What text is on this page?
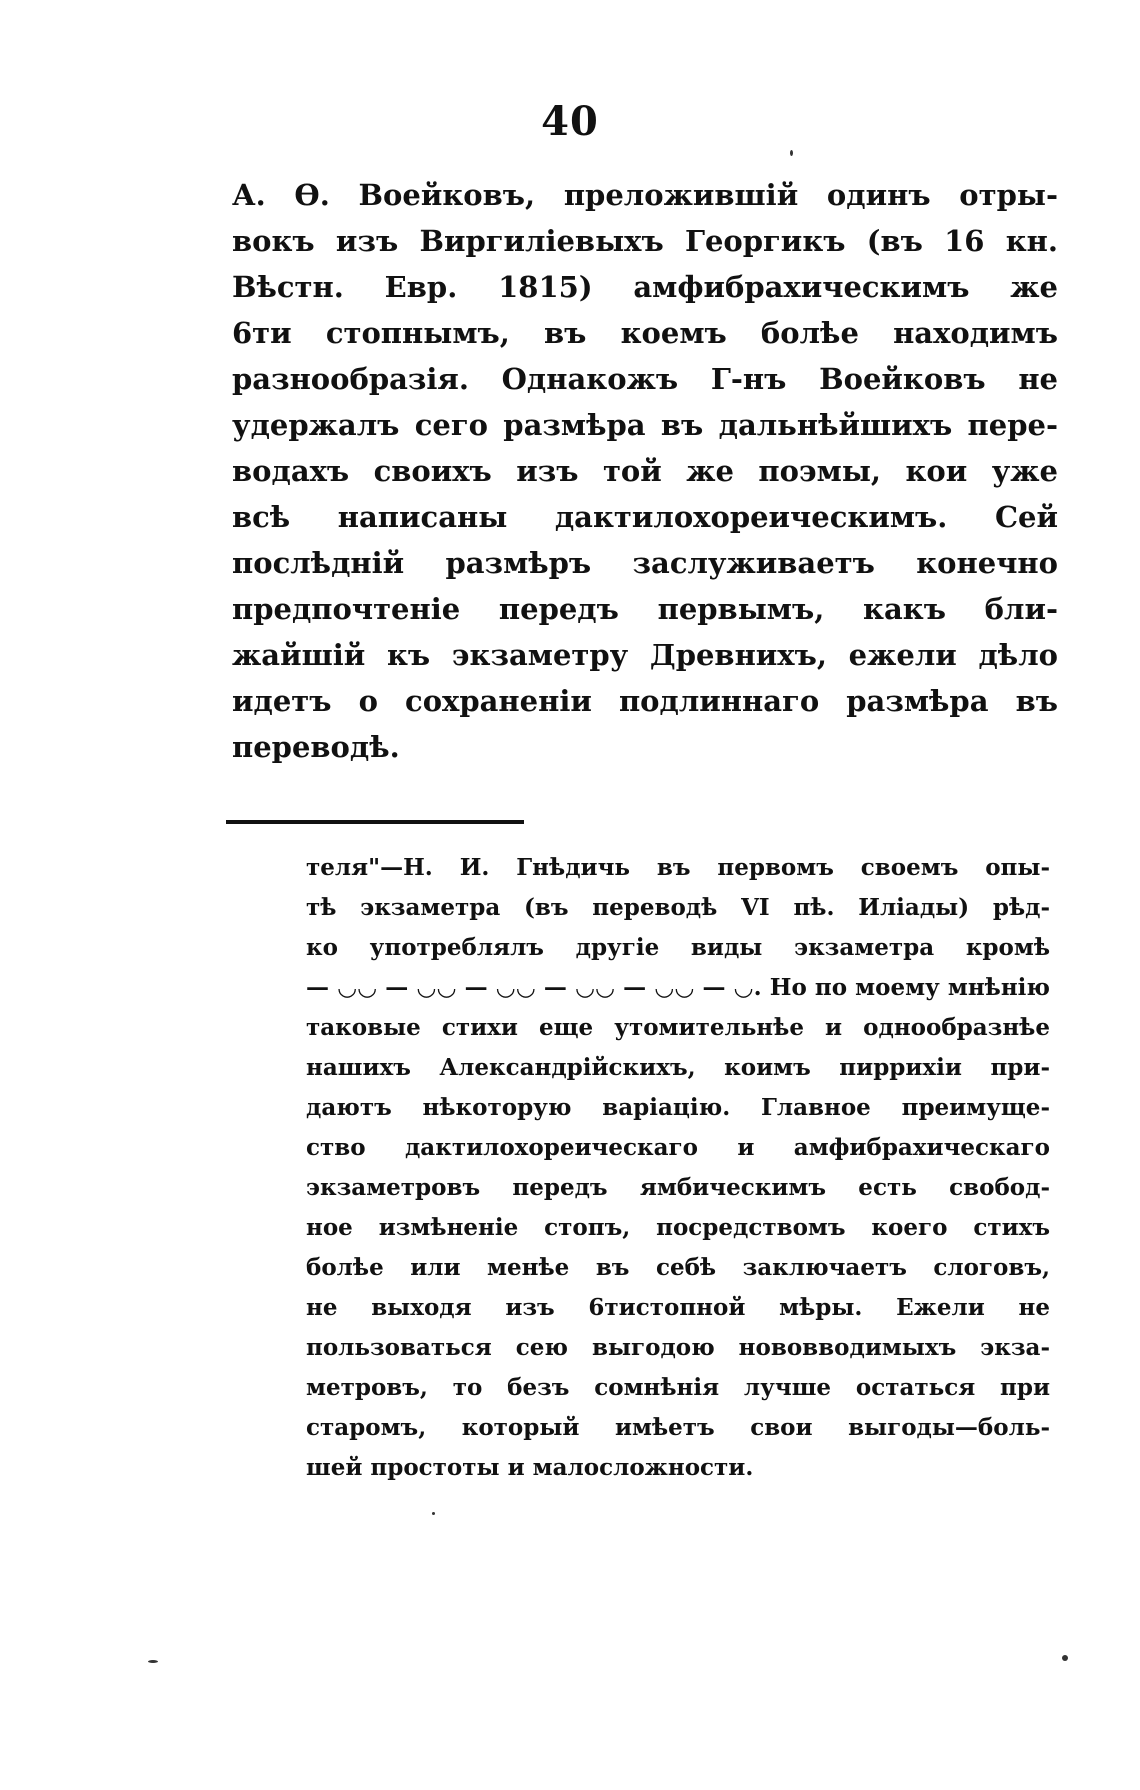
40
А. Ѳ. Воейковъ, преложившій одинъ отры-
вокъ изъ Виргиліевыхъ Георгикъ (въ 16 кн.
Вѣстн. Евр. 1815) амфибрахическимъ же
6ти стопнымъ, въ коемъ болѣе находимъ
разнообразія. Однакожъ Г-нъ Воейковъ не
удержалъ сего размѣра въ дальнѣйшихъ пере-
водахъ своихъ изъ той же поэмы, кои уже
всѣ написаны дактилохореическимъ. Сей
послѣдній размѣръ заслуживаетъ конечно
предпочтеніе передъ первымъ, какъ бли-
жайшій къ экзаметру Древнихъ, ежели дѣло
идетъ о сохраненіи подлиннаго размѣра въ
переводѣ.
теля"—Н. И. Гнѣдичь въ первомъ своемъ опы-
тѣ экзаметра (въ переводѣ VI пѣ. Иліады) рѣд-
ко употреблялъ другіе виды экзаметра кромѣ
— ◡◡ — ◡◡ — ◡◡ — ◡◡ — ◡◡ — ◡. Но по моему мнѣнію
таковые стихи еще утомительнѣе и однообразнѣе
нашихъ Александрійскихъ, коимъ пиррихіи при-
даютъ нѣкоторую варіацію. Главное преимуще-
ство дактилохореическаго и амфибрахическаго
экзаметровъ передъ ямбическимъ есть свобод-
ное измѣненіе стопъ, посредствомъ коего стихъ
болѣе или менѣе въ себѣ заключаетъ слоговъ,
не выходя изъ 6тистопной мѣры. Ежели не
пользоваться сею выгодою нововводимыхъ экза-
метровъ, то безъ сомнѣнія лучше остаться при
старомъ, который имѣетъ свои выгоды—боль-
шей простоты и малосложности.
